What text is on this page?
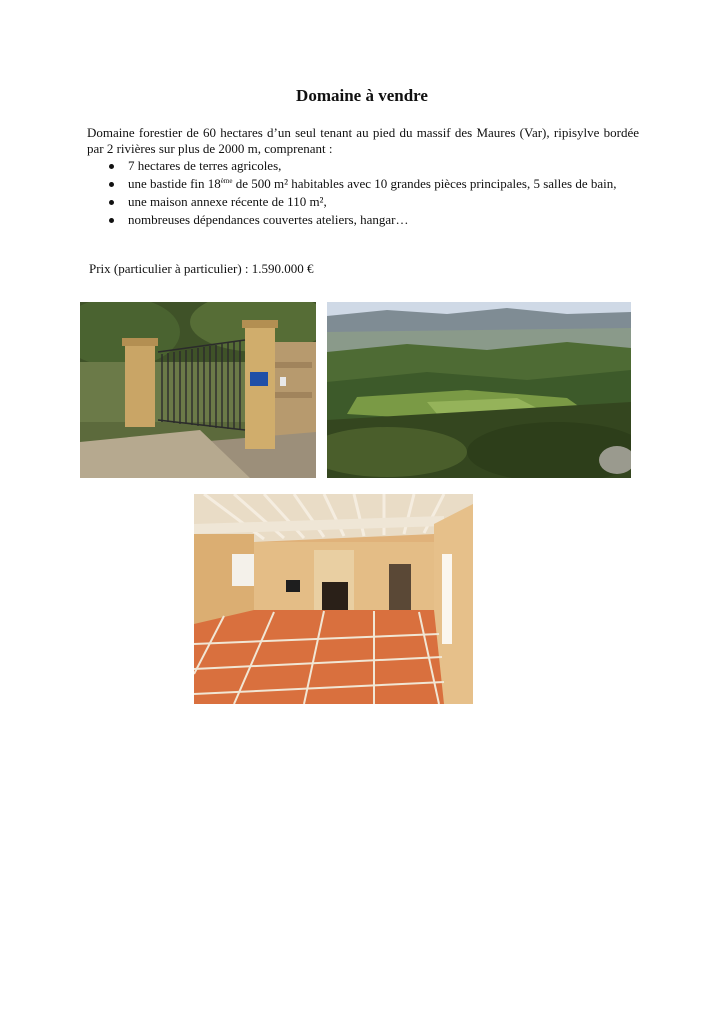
Domaine à vendre

Domaine forestier de 60 hectares d’un seul tenant au pied du massif des Maures (Var), ripisylve bordée par 2 rivières sur plus de 2000 m, comprenant :

7 hectares de terres agricoles,
une bastide fin 18ème de 500 m² habitables avec 10 grandes pièces principales, 5 salles de bain,
une maison annexe récente de 110 m²,
nombreuses dépendances couvertes ateliers, hangar…

Prix (particulier à particulier) : 1.590.000 €
